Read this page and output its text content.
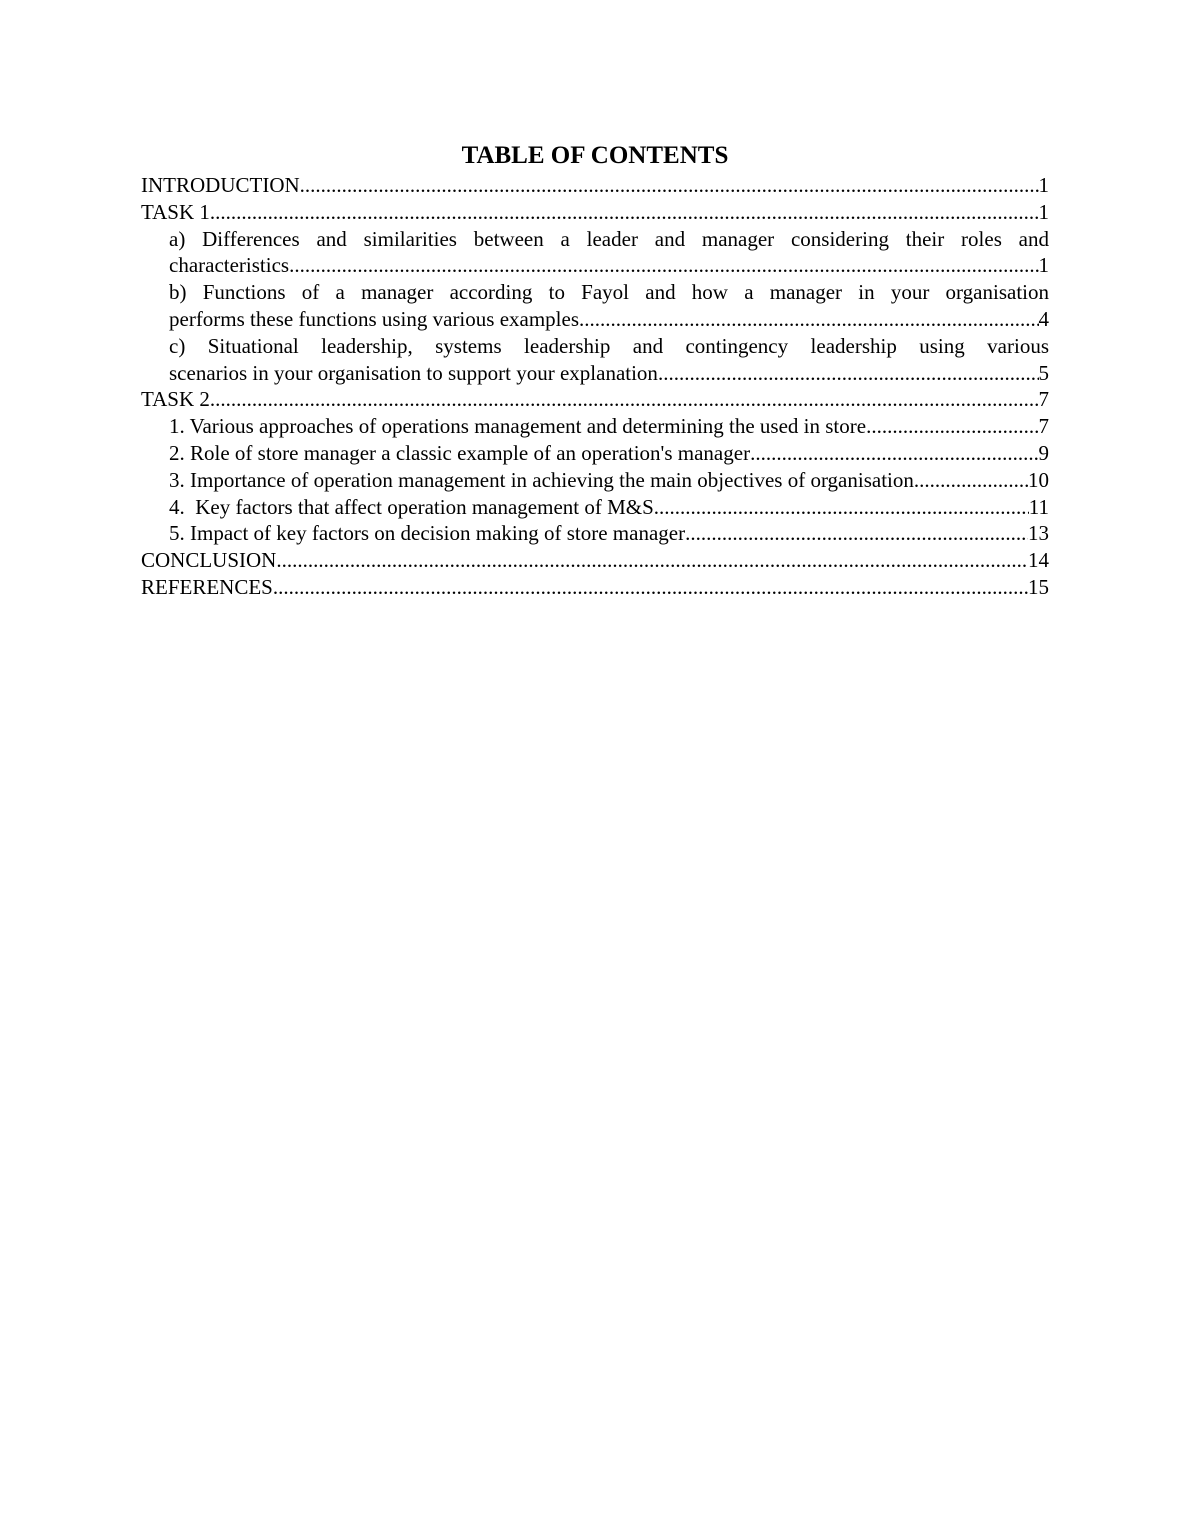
TABLE OF CONTENTS
INTRODUCTION .....	1
TASK 1 .....	1
a) Differences and similarities between a leader and manager considering their roles and
characteristics .....	1
b) Functions of a manager according to Fayol and how a manager in your organisation
performs these functions using various examples .....	4
c) Situational leadership, systems leadership and contingency leadership using various
scenarios in your organisation to support your explanation .....	5
TASK 2 .....	7
1. Various approaches of operations management and determining the used in store .....	7
2. Role of store manager a classic example of an operation's manager .....	9
3. Importance of operation management in achieving the main objectives of organisation .....	10
4.  Key factors that affect operation management of M&S .....	11
5. Impact of key factors on decision making of store manager .....	13
CONCLUSION .....	14
REFERENCES .....	15
